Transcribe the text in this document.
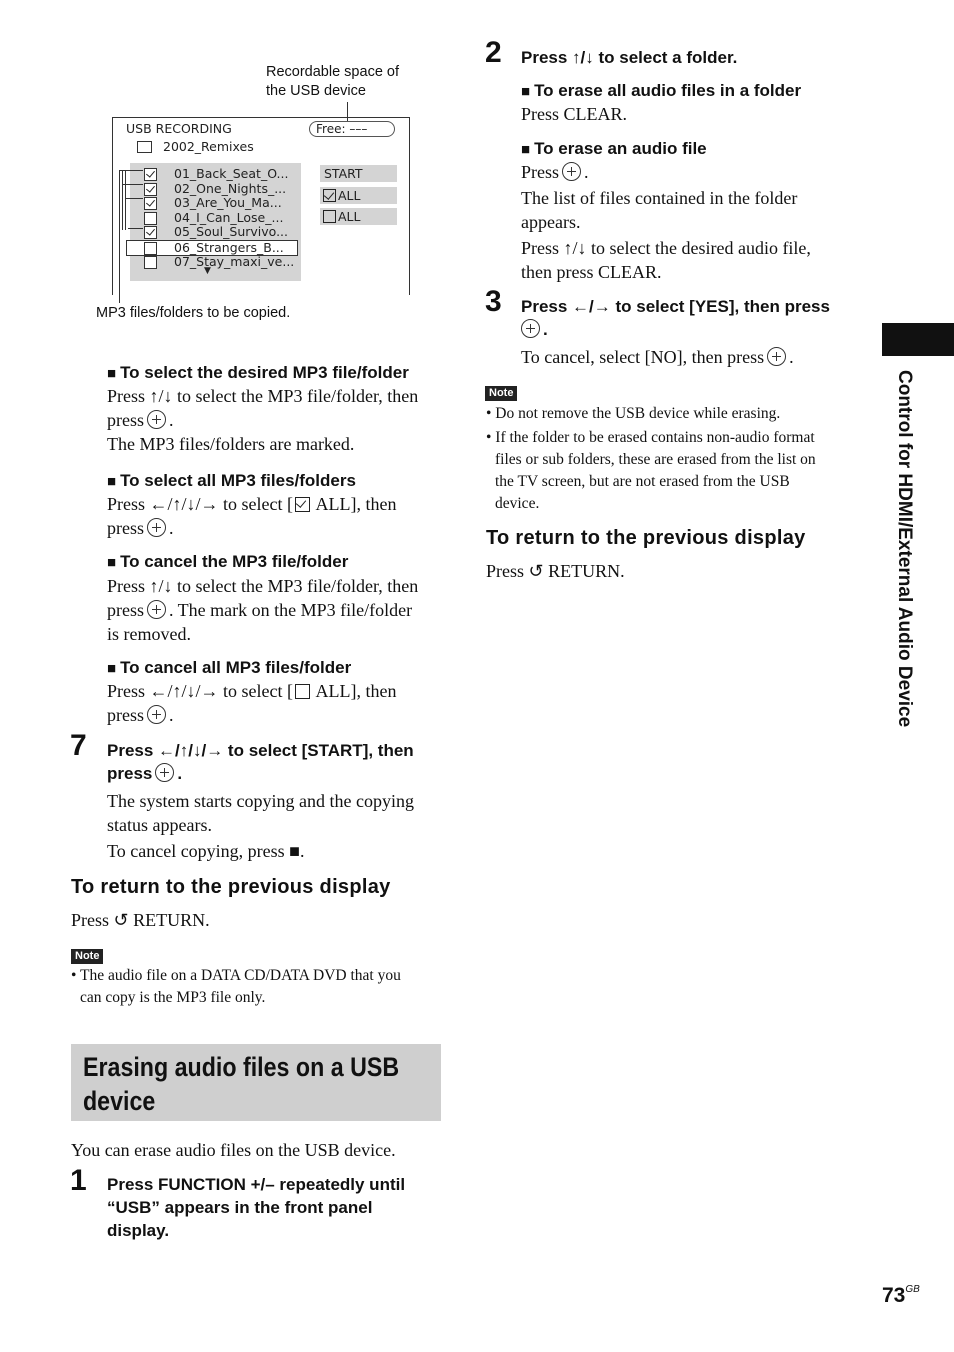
Recordable space of
the USB device
USB RECORDING	Free: –––
2002_Remixes
01_Back_Seat_O...
02_One_Nights_...
03_Are_You_Ma...
04_I_Can_Lose_...
05_Soul_Survivo...
06_Strangers_B...
07_Stay_maxi_ve...
▼
START
ALL
ALL
MP3 files/folders to be copied.
■ To select the desired MP3 file/folder
Press ↑/↓ to select the MP3 file/folder, then
press .
The MP3 files/folders are marked.
■ To select all MP3 files/folders
Press ←/↑/↓/→ to select [ ALL], then
press .
■ To cancel the MP3 file/folder
Press ↑/↓ to select the MP3 file/folder, then
press . The mark on the MP3 file/folder
is removed.
■ To cancel all MP3 files/folder
Press ←/↑/↓/→ to select [ ALL], then
press .
7 Press ←/↑/↓/→ to select [START], then
press .
The system starts copying and the copying
status appears.
To cancel copying, press ■.
To return to the previous display
Press ↺ RETURN.
Note
• The audio file on a DATA CD/DATA DVD that you
can copy is the MP3 file only.
Erasing audio files on a USB
device
You can erase audio files on the USB device.
1 Press FUNCTION +/– repeatedly until
“USB” appears in the front panel
display.
2 Press ↑/↓ to select a folder.
■ To erase all audio files in a folder
Press CLEAR.
■ To erase an audio file
Press .
The list of files contained in the folder
appears.
Press ↑/↓ to select the desired audio file,
then press CLEAR.
3 Press ←/→ to select [YES], then press
.
To cancel, select [NO], then press .
Note
• Do not remove the USB device while erasing.
• If the folder to be erased contains non-audio format
files or sub folders, these are erased from the list on
the TV screen, but are not erased from the USB
device.
To return to the previous display
Press ↺ RETURN.	Control for HDMI/External Audio Device
$73^{GB}$
